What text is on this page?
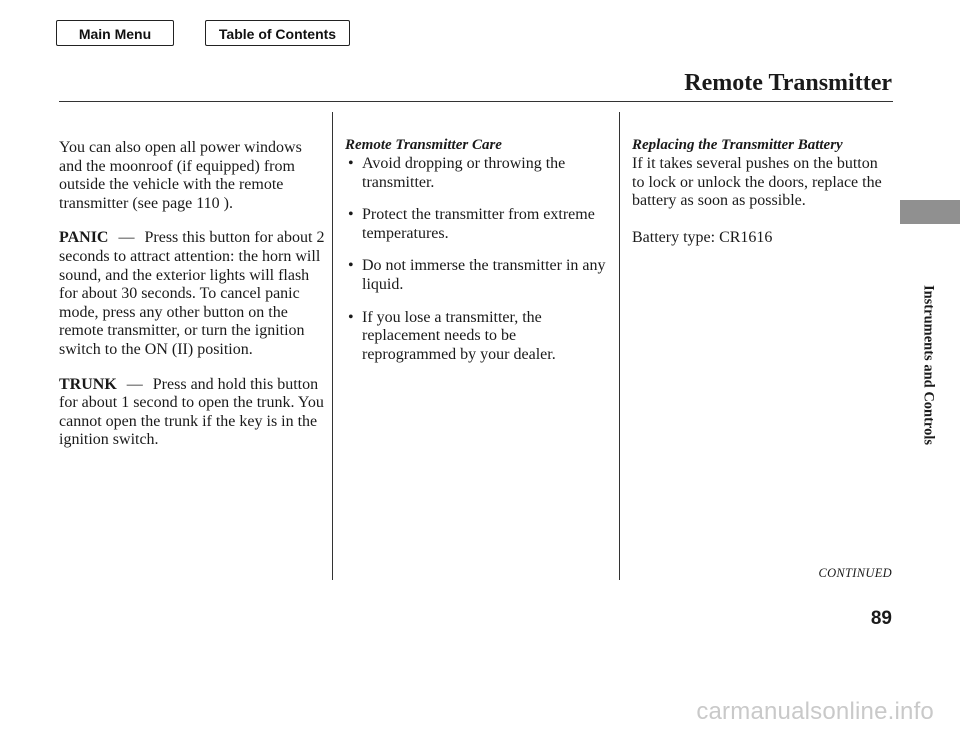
Main Menu	Table of Contents
Remote Transmitter

You can also open all power windows and the moonroof (if equipped) from outside the vehicle with the remote transmitter (see page 110 ).

PANIC — Press this button for about 2 seconds to attract attention: the horn will sound, and the exterior lights will flash for about 30 seconds. To cancel panic mode, press any other button on the remote transmitter, or turn the ignition switch to the ON (II) position.

TRUNK — Press and hold this button for about 1 second to open the trunk. You cannot open the trunk if the key is in the ignition switch.

Remote Transmitter Care

• Avoid dropping or throwing the transmitter.

• Protect the transmitter from extreme temperatures.

• Do not immerse the transmitter in any liquid.

• If you lose a transmitter, the replacement needs to be reprogrammed by your dealer.

Replacing the Transmitter Battery

If it takes several pushes on the button to lock or unlock the doors, replace the battery as soon as possible.

Battery type: CR1616

CONTINUED
89
Instruments and Controls
carmanualsonline.info
